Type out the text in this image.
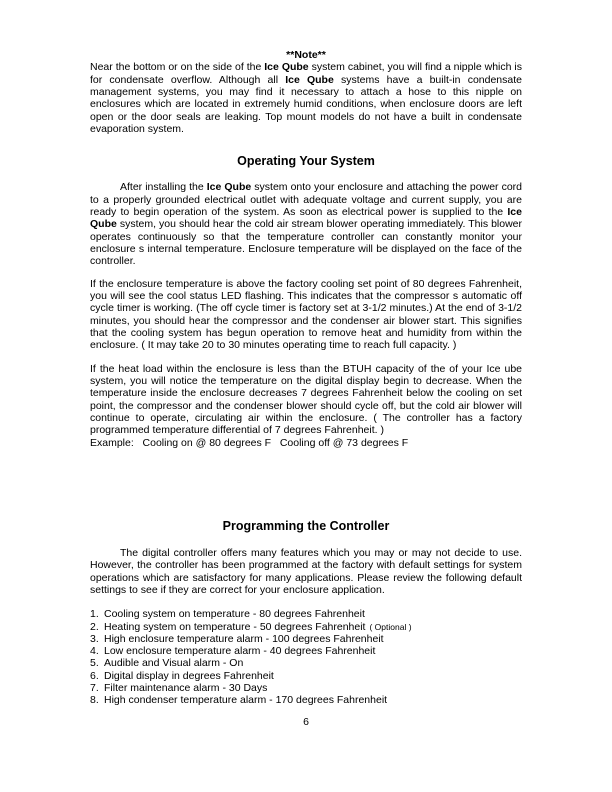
**Note**
Near the bottom or on the side of the Ice Qube system cabinet, you will find a nipple which is for condensate overflow. Although all Ice Qube systems have a built-in condensate management systems, you may find it necessary to attach a hose to this nipple on enclosures which are located in extremely humid conditions, when enclosure doors are left open or the door seals are leaking. Top mount models do not have a built in condensate evaporation system.
Operating Your System
After installing the Ice Qube system onto your enclosure and attaching the power cord to a properly grounded electrical outlet with adequate voltage and current supply, you are ready to begin operation of the system. As soon as electrical power is supplied to the Ice Qube system, you should hear the cold air stream blower operating immediately. This blower operates continuously so that the temperature controller can constantly monitor your enclosure s internal temperature. Enclosure temperature will be displayed on the face of the controller.
If the enclosure temperature is above the factory cooling set point of 80 degrees Fahrenheit, you will see the cool status LED flashing. This indicates that the compressor s automatic off cycle timer is working. (The off cycle timer is factory set at 3-1/2 minutes.) At the end of 3-1/2 minutes, you should hear the compressor and the condenser air blower start. This signifies that the cooling system has begun operation to remove heat and humidity from within the enclosure. ( It may take 20 to 30 minutes operating time to reach full capacity. )
If the heat load within the enclosure is less than the BTUH capacity of the of your Ice ube system, you will notice the temperature on the digital display begin to decrease. When the temperature inside the enclosure decreases 7 degrees Fahrenheit below the cooling on set point, the compressor and the condenser blower should cycle off, but the cold air blower will continue to operate, circulating air within the enclosure. ( The controller has a factory programmed temperature differential of 7 degrees Fahrenheit. )
Example:   Cooling on @ 80 degrees F   Cooling off @ 73 degrees F
Programming the Controller
The digital controller offers many features which you may or may not decide to use. However, the controller has been programmed at the factory with default settings for system operations which are satisfactory for many applications. Please review the following default settings to see if they are correct for your enclosure application.
1. Cooling system on temperature - 80 degrees Fahrenheit
2. Heating system on temperature - 50 degrees Fahrenheit ( Optional )
3. High enclosure temperature alarm - 100 degrees Fahrenheit
4. Low enclosure temperature alarm - 40 degrees Fahrenheit
5. Audible and Visual alarm - On
6. Digital display in degrees Fahrenheit
7. Filter maintenance alarm - 30 Days
8. High condenser temperature alarm - 170 degrees Fahrenheit
6
